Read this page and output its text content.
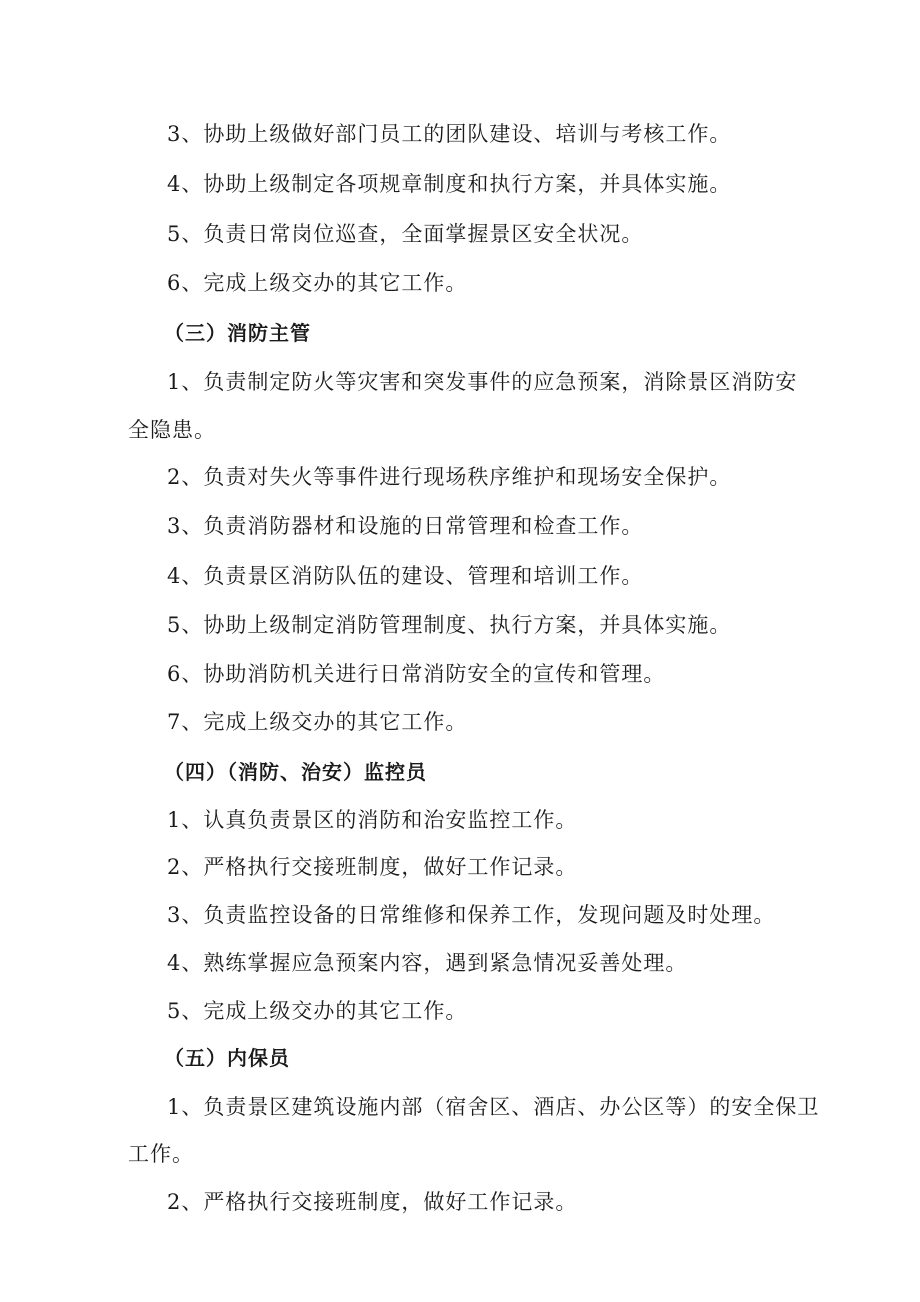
3、协助上级做好部门员工的团队建设、培训与考核工作。
4、协助上级制定各项规章制度和执行方案，并具体实施。
5、负责日常岗位巡查，全面掌握景区安全状况。
6、完成上级交办的其它工作。
（三）消防主管
1、负责制定防火等灾害和突发事件的应急预案，消除景区消防安
全隐患。
2、负责对失火等事件进行现场秩序维护和现场安全保护。
3、负责消防器材和设施的日常管理和检查工作。
4、负责景区消防队伍的建设、管理和培训工作。
5、协助上级制定消防管理制度、执行方案，并具体实施。
6、协助消防机关进行日常消防安全的宣传和管理。
7、完成上级交办的其它工作。
（四）（消防、治安）监控员
1、认真负责景区的消防和治安监控工作。
2、严格执行交接班制度，做好工作记录。
3、负责监控设备的日常维修和保养工作，发现问题及时处理。
4、熟练掌握应急预案内容，遇到紧急情况妥善处理。
5、完成上级交办的其它工作。
（五）内保员
1、负责景区建筑设施内部（宿舍区、酒店、办公区等）的安全保卫
工作。
2、严格执行交接班制度，做好工作记录。
